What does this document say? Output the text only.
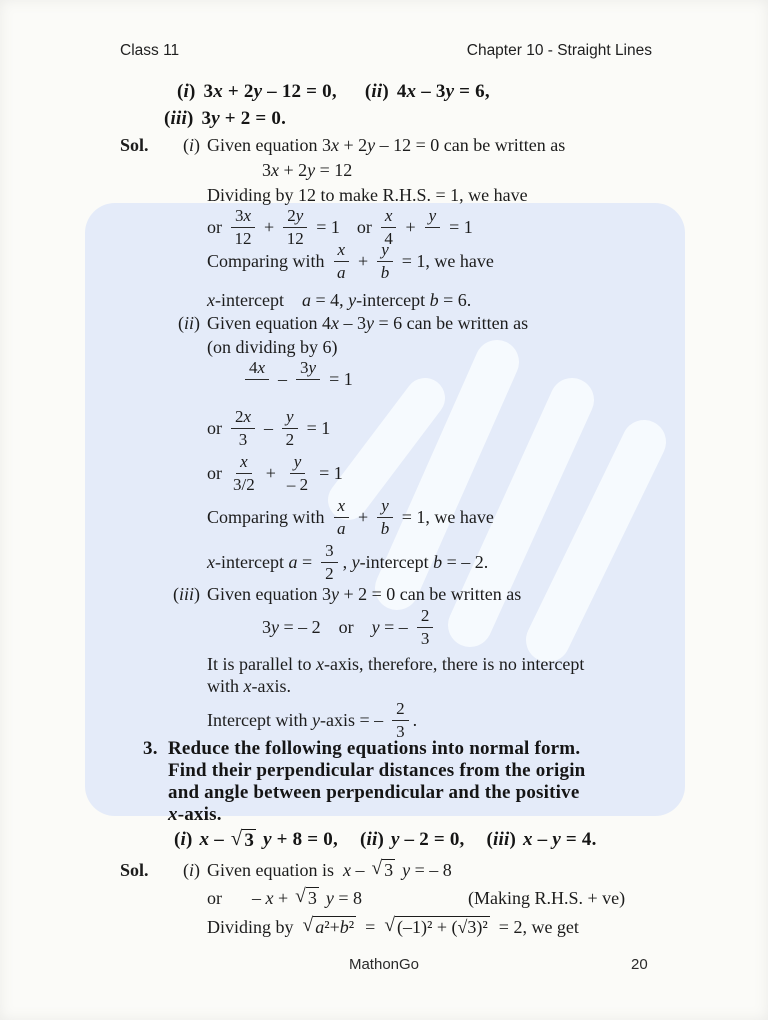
Class 11	Chapter 10 - Straight Lines
(i) 3x + 2y – 12 = 0, (ii) 4x – 3y = 6,
(iii) 3y + 2 = 0.
Sol.	(i) Given equation 3x + 2y – 12 = 0 can be written as
3x + 2y = 12
Dividing by 12 to make R.H.S. = 1, we have
or $\frac{3x}{12} + \frac{2y}{12} = 1$ or $\frac{x}{4}$ +
y

= 1
Comparing with $\frac{x}{a} + \frac{y}{b} = 1$, we have
x-intercept  a = 4, y-intercept b = 6.
(ii) Given equation 4x – 3y = 6 can be written as
(on dividing by 6)
4x

–
3y

= 1
or $\frac{2x}{3} - \frac{y}{2} = 1$
or $\frac{x}{3/2} + \frac{y}{- 2} = 1$
Comparing with $\frac{x}{a} + \frac{y}{b} = 1$, we have
x-intercept $a = \frac{3}{2}$ , y-intercept b = – 2.
(iii) Given equation 3y + 2 = 0 can be written as
3y = – 2 or y = – $\frac{2}{3}$
It is parallel to x-axis, therefore, there is no intercept
with x-axis.
Intercept with y-axis = – $\frac{2}{3}$ .
3. Reduce the following equations into normal form.
Find their perpendicular distances from the origin
and angle between perpendicular and the positive
x-axis.
(i) x – √ 3 y + 8 = 0, (ii) y – 2 = 0, (iii) x – y = 4.
Sol.	(i) Given equation is x – √ 3 y = – 8
or – x + √ 3 y = 8	(Making R.H.S. + ve)
Dividing by √ a²+b² = √ (–1)² + (√3)² = 2, we get
MathonGo	20
